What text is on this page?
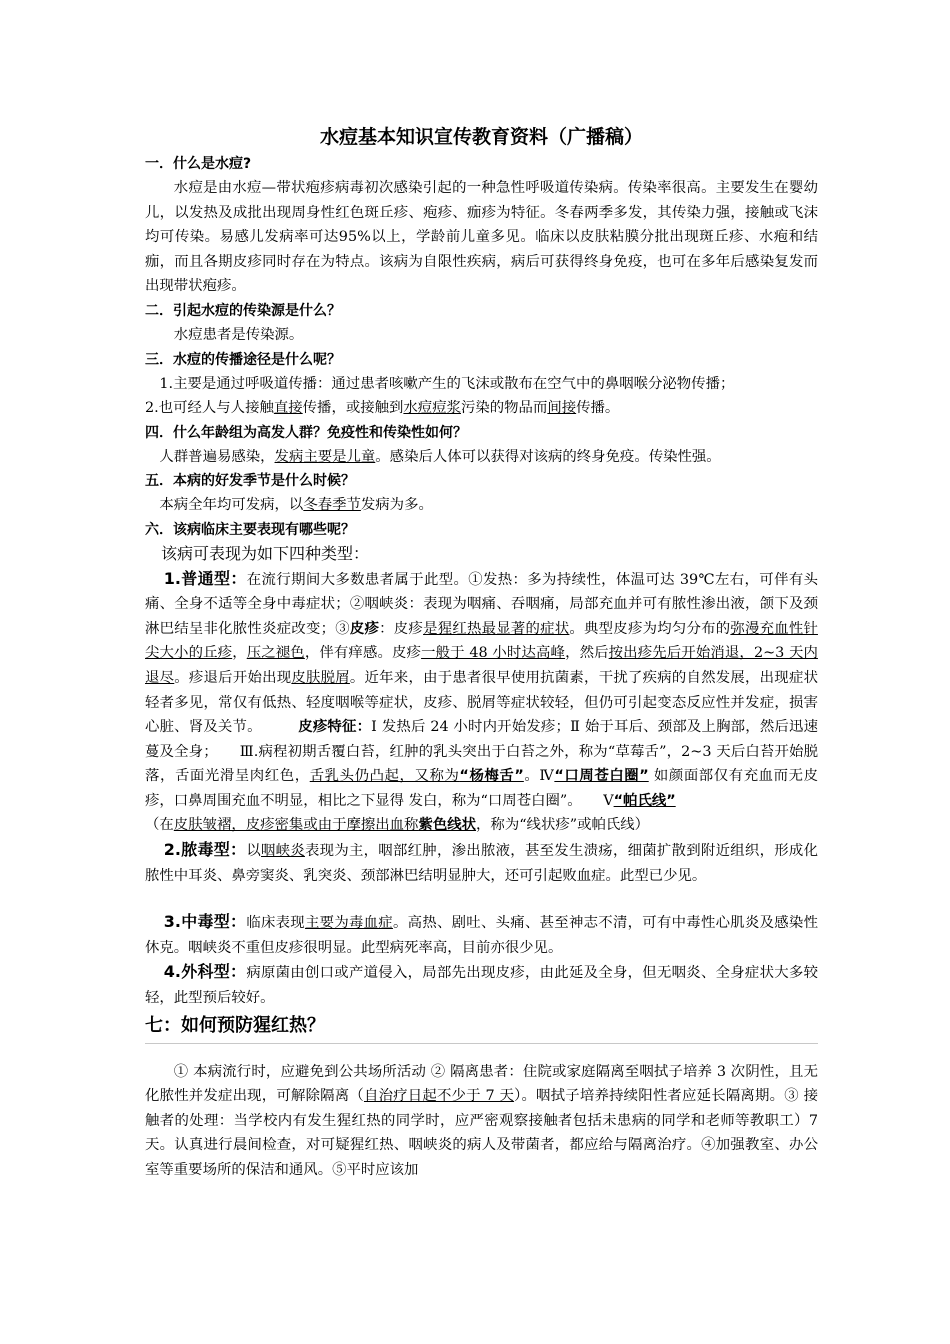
水痘基本知识宣传教育资料（广播稿）
一．什么是水痘?
水痘是由水痘—带状疱疹病毒初次感染引起的一种急性呼吸道传染病。传染率很高。主要发生在婴幼儿，以发热及成批出现周身性红色斑丘疹、疱疹、痂疹为特征。冬春两季多发，其传染力强，接触或飞沫均可传染。易感儿发病率可达95%以上，学龄前儿童多见。临床以皮肤粘膜分批出现斑丘疹、水疱和结痂，而且各期皮疹同时存在为特点。该病为自限性疾病，病后可获得终身免疫，也可在多年后感染复发而出现带状疱疹。
二．引起水痘的传染源是什么？
水痘患者是传染源。
三．水痘的传播途径是什么呢？
1.主要是通过呼吸道传播：通过患者咳嗽产生的飞沫或散布在空气中的鼻咽喉分泌物传播；
2.也可经人与人接触直接传播，或接触到水痘痘浆污染的物品而间接传播。
四．什么年龄组为高发人群？免疫性和传染性如何？
人群普遍易感染，发病主要是儿童。感染后人体可以获得对该病的终身免疫。传染性强。
五．本病的好发季节是什么时候？
本病全年均可发病，以冬春季节发病为多。
六．该病临床主要表现有哪些呢？
该病可表现为如下四种类型：
1.普通型：在流行期间大多数患者属于此型。①发热：多为持续性，体温可达 39℃左右，可伴有头痛、全身不适等全身中毒症状；②咽峡炎：表现为咽痛、吞咽痛，局部充血并可有脓性渗出液，颌下及颈淋巴结呈非化脓性炎症改变；③皮疹：皮疹是猩红热最显著的症状。典型皮疹为均匀分布的弥漫充血性针尖大小的丘疹，压之褪色，伴有痒感。皮疹一般于 48 小时达高峰，然后按出疹先后开始消退，2~3 天内退尽。疹退后开始出现皮肤脱屑。近年来，由于患者很早使用抗菌素，干扰了疾病的自然发展，出现症状轻者多见，常仅有低热、轻度咽喉等症状，皮疹、脱屑等症状较轻，但仍可引起变态反应性并发症，损害心脏、肾及关节。　　　	皮疹特征：Ⅰ 发热后 24 小时内开始发疹；Ⅱ 始于耳后、颈部及上胸部，然后迅速蔓及全身；　　Ⅲ.病程初期舌覆白苔，红肿的乳头突出于白苔之外，称为“草莓舌”，2~3 天后白苔开始脱落，舌面光滑呈肉红色，舌乳头仍凸起，又称为“杨梅舌”。Ⅳ“口周苍白圈” 如颜面部仅有充血而无皮疹，口鼻周围充血不明显，相比之下显得 发白，称为“口周苍白圈”。　　Ⅴ“帕氏线”
（在皮肤皱褶，皮疹密集或由于摩擦出血称紫色线状，称为“线状疹”或帕氏线）
2.脓毒型：以咽峡炎表现为主，咽部红肿，渗出脓液，甚至发生溃疡，细菌扩散到附近组织，形成化脓性中耳炎、鼻旁窦炎、乳突炎、颈部淋巴结明显肿大，还可引起败血症。此型已少见。
3.中毒型：临床表现主要为毒血症。高热、剧吐、头痛、甚至神志不清，可有中毒性心肌炎及感染性休克。咽峡炎不重但皮疹很明显。此型病死率高，目前亦很少见。
4.外科型：病原菌由创口或产道侵入，局部先出现皮疹，由此延及全身，但无咽炎、全身症状大多较轻，此型预后较好。
七：如何预防猩红热？
① 本病流行时，应避免到公共场所活动 ② 隔离患者：住院或家庭隔离至咽拭子培养 3 次阴性，且无化脓性并发症出现，可解除隔离（自治疗日起不少于 7 天）。咽拭子培养持续阳性者应延长隔离期。③ 接触者的处理：当学校内有发生猩红热的同学时，应严密观察接触者包括未患病的同学和老师等教职工）7 天。认真进行晨间检查，对可疑猩红热、咽峡炎的病人及带菌者，都应给与隔离治疗。④加强教室、办公室等重要场所的保洁和通风。⑤平时应该加
